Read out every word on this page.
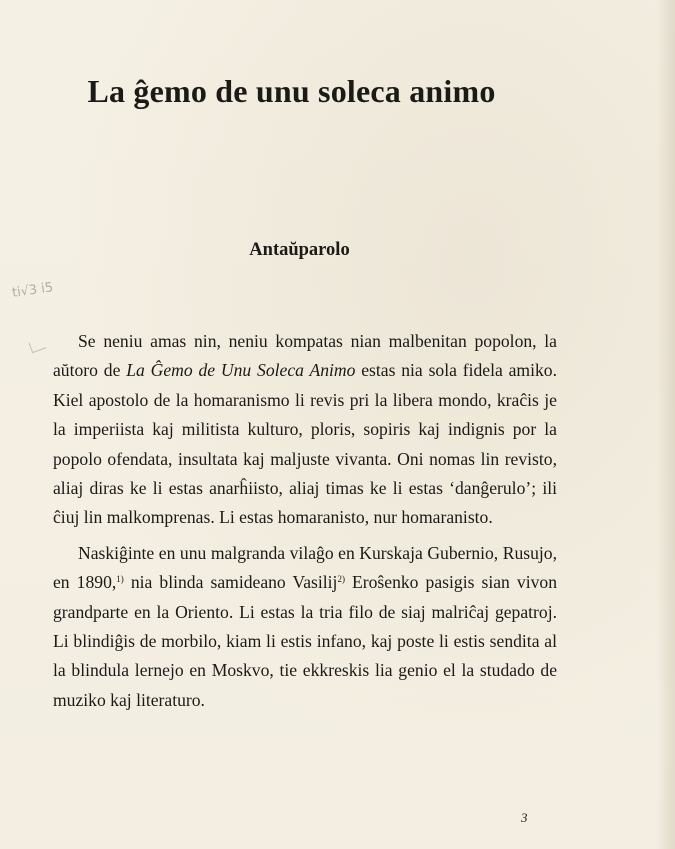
ti√3 i5
La ĝemo de unu soleca animo
Antaŭparolo

Se neniu amas nin, neniu kompatas nian malbenitan popolon, la aŭtoro de La Ĝemo de Unu Soleca Animo estas nia sola fidela amiko. Kiel apostolo de la homaranismo li revis pri la libera mondo, kraĉis je la imperiista kaj militista kulturo, ploris, sopiris kaj indignis por la popolo ofendata, insultata kaj maljuste vivanta. Oni nomas lin revisto, aliaj diras ke li estas anarĥiisto, aliaj timas ke li estas ‘danĝerulo’; ili ĉiuj lin malkomprenas. Li estas homaranisto, nur homaranisto.

Naskiĝinte en unu malgranda vilaĝo en Kurskaja Gubernio, Rusujo, en 1890,$^{1)}$ nia blinda samideano Vasilij$^{2)}$ Eroŝenko pasigis sian vivon grandparte en la Oriento. Li estas la tria filo de siaj malriĉaj gepatroj. Li blindiĝis de morbilo, kiam li estis infano, kaj poste li estis sendita al la blindula lernejo en Moskvo, tie ekkreskis lia genio el la studado de muziko kaj literaturo.

3
